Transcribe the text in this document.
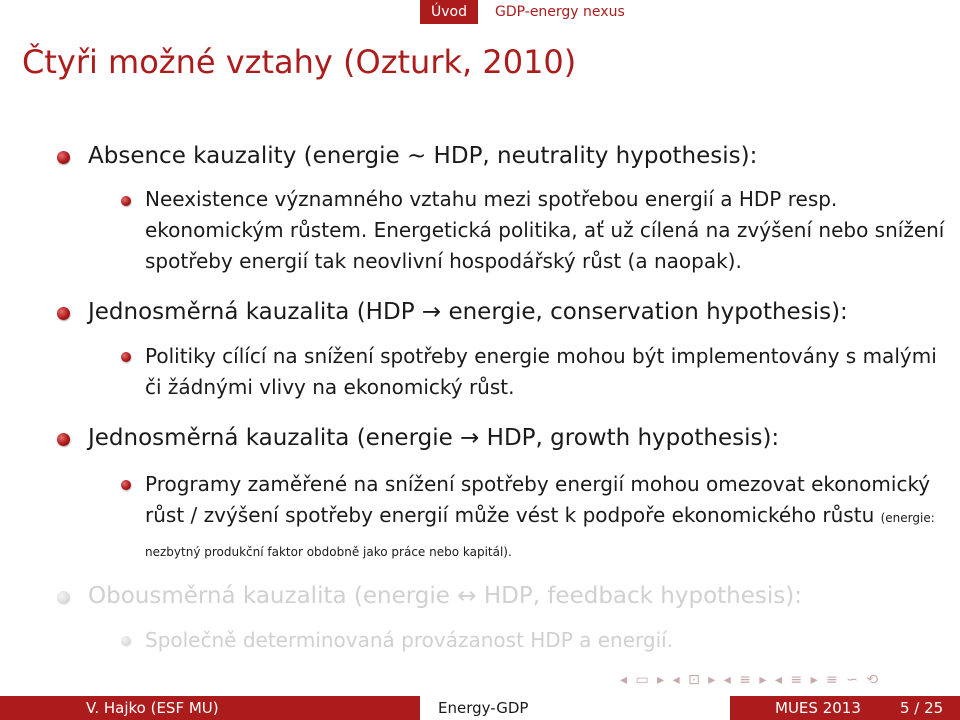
Úvod	GDP-energy nexus
Čtyři možné vztahy (Ozturk, 2010)
Absence kauzality (energie ∼ HDP, neutrality hypothesis):
Neexistence významného vztahu mezi spotřebou energií a HDP resp. ekonomickým růstem. Energetická politika, ať už cílená na zvýšení nebo snížení spotřeby energií tak neovlivní hospodářský růst (a naopak).
Jednosměrná kauzalita (HDP → energie, conservation hypothesis):
Politiky cílící na snížení spotřeby energie mohou být implementovány s malými či žádnými vlivy na ekonomický růst.
Jednosměrná kauzalita (energie → HDP, growth hypothesis):
Programy zaměřené na snížení spotřeby energií mohou omezovat ekonomický růst / zvýšení spotřeby energií může vést k podpoře ekonomického růstu (energie: nezbytný produkční faktor obdobně jako práce nebo kapitál).
Obousměrná kauzalita (energie ↔ HDP, feedback hypothesis):
Společně determinovaná provázanost HDP a energií.
◂ ▭ ▸ ◂ ⊡ ▸ ◂ ≡ ▸ ◂ ≡ ▸ ≡ ∽ ⟲
V. Hajko (ESF MU)	Energy-GDP	MUES 2013	5 / 25
